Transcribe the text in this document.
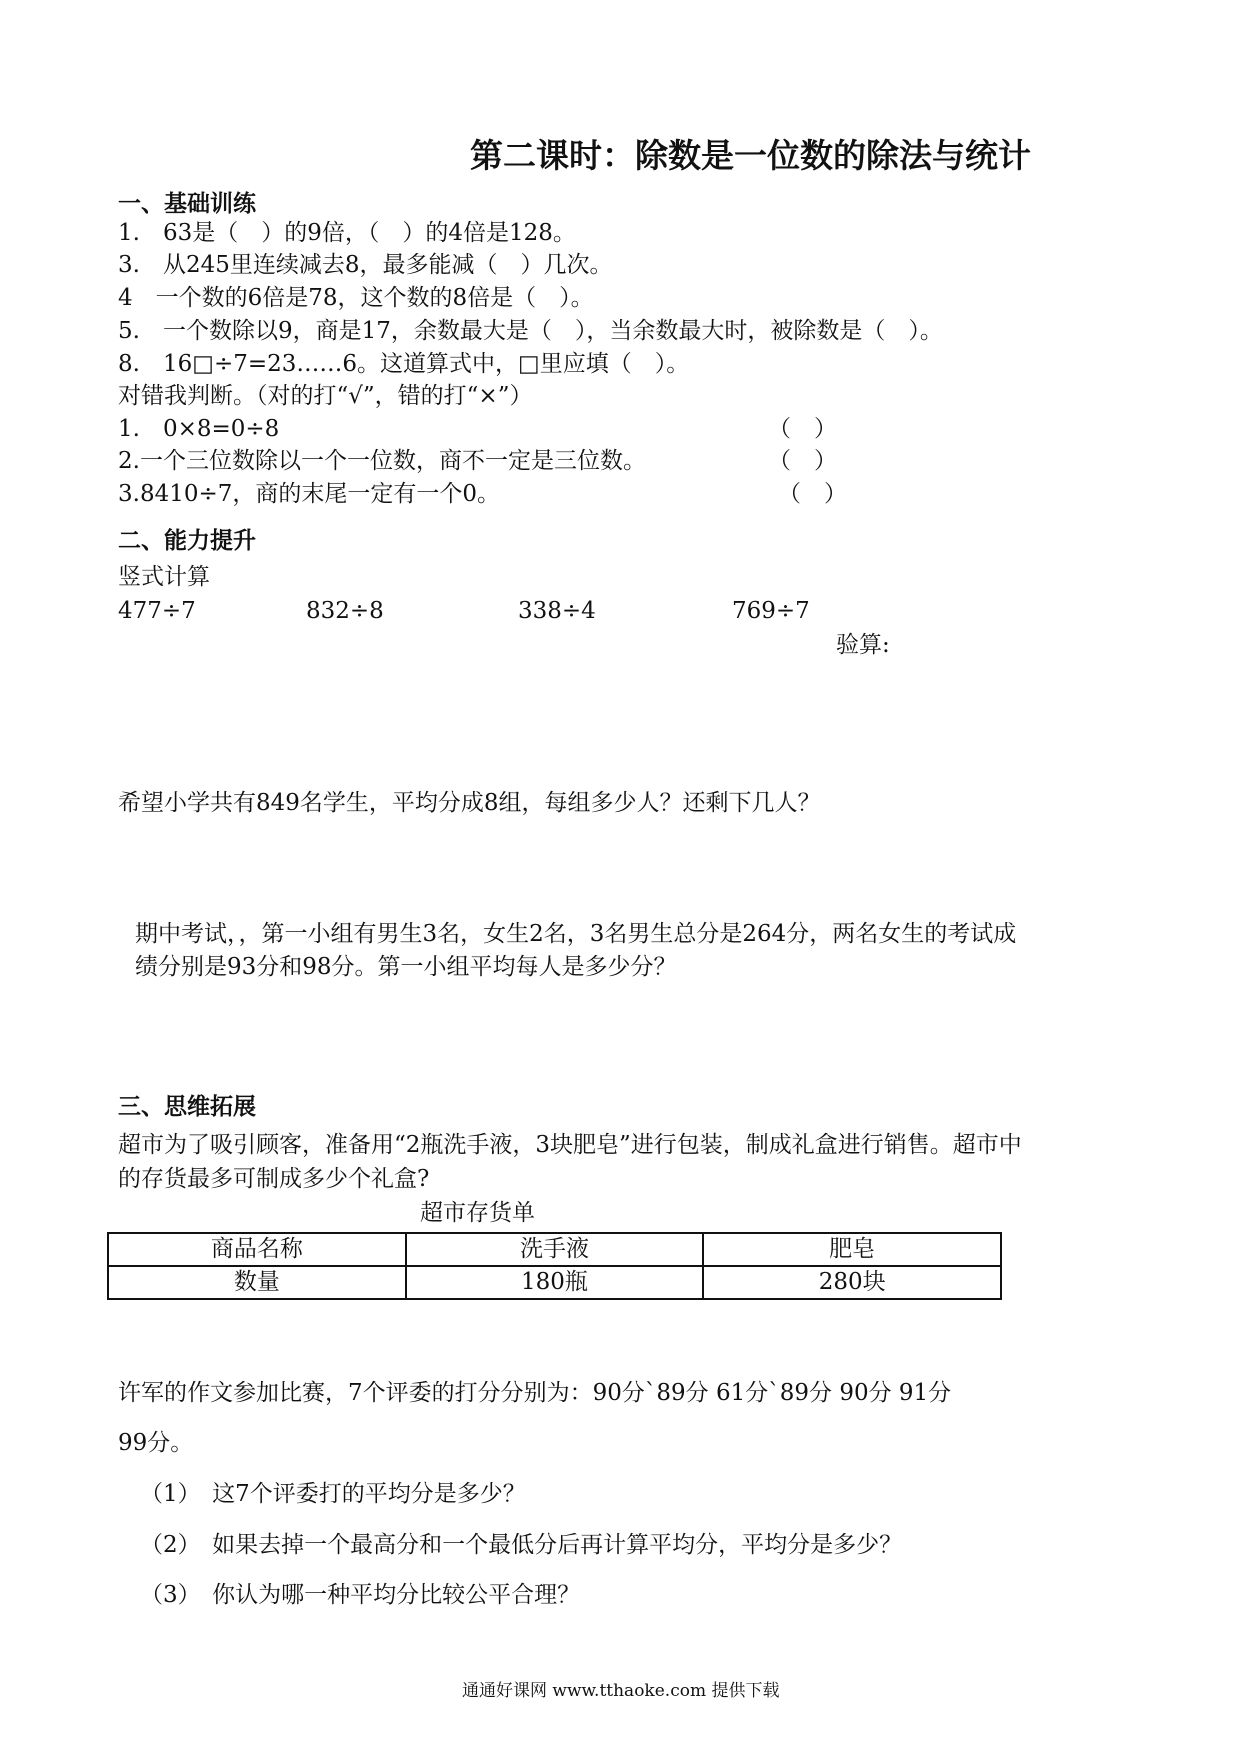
第二课时：除数是一位数的除法与统计
一、基础训练
1.　63是（　）的9倍，（　）的4倍是128。
3.　从245里连续减去8，最多能减（　）几次。
4　一个数的6倍是78，这个数的8倍是（　）。
5.　一个数除以9，商是17，余数最大是（　），当余数最大时，被除数是（　）。
8.　16□÷7=23……6。这道算式中，□里应填（　）。
对错我判断。（对的打“√”，错的打“×”）
1.　0×8=0÷8	（　）
2.一个三位数除以一个一位数，商不一定是三位数。	（　）
3.8410÷7，商的末尾一定有一个0。	（　）
二、能力提升
竖式计算
477÷7	832÷8	338÷4	769÷7
验算:
希望小学共有849名学生，平均分成8组，每组多少人？还剩下几人？
期中考试，，第一小组有男生3名，女生2名，3名男生总分是264分，两名女生的考试成
绩分别是93分和98分。第一小组平均每人是多少分？
三、思维拓展
超市为了吸引顾客，准备用“2瓶洗手液，3块肥皂”进行包装，制成礼盒进行销售。超市中
的存货最多可制成多少个礼盒?
超市存货单
商品名称	洗手液	肥皂
数量	180瓶	280块
许军的作文参加比赛，7个评委的打分分别为：90分`89分 61分`89分 90分 91分
99分。
（1）　这7个评委打的平均分是多少？
（2）　如果去掉一个最高分和一个最低分后再计算平均分，平均分是多少？
（3）　你认为哪一种平均分比较公平合理？
通通好课网 www.tthaoke.com 提供下载
